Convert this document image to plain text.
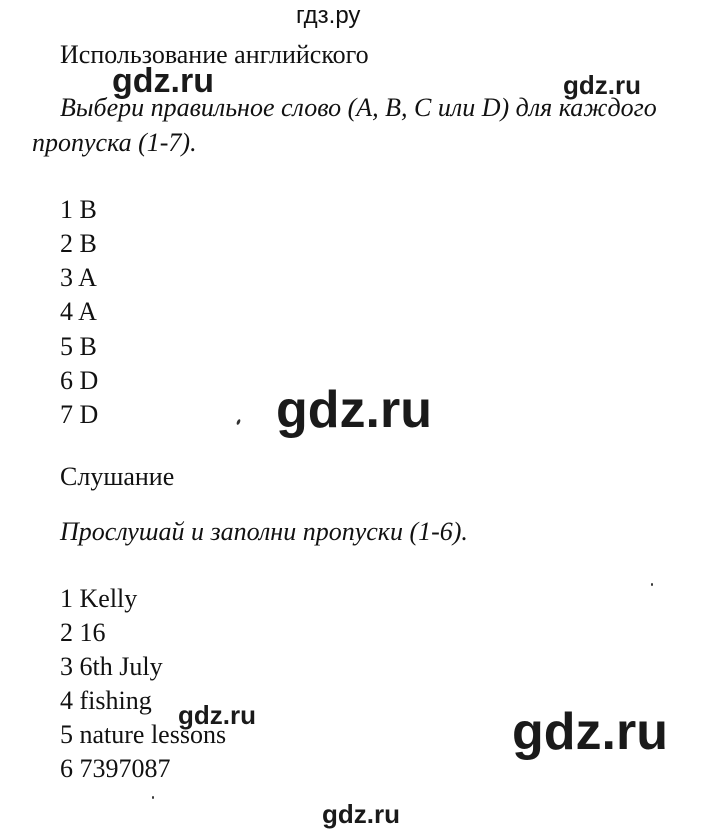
гдз.ру
Использование английского
gdz.ru	gdz.ru
Выбери правильное слово (A, B, C или D) для каждого
пропуска (1-7).
1 B
2 B
3 A
4 A
5 B
6 D
7 D	gdz.ru
Слушание
Прослушай и заполни пропуски (1-6).
1 Kelly
2 16
3 6th July
4 fishing
5 nature lessons
6 7397087
gdz.ru	gdz.ru
gdz.ru
